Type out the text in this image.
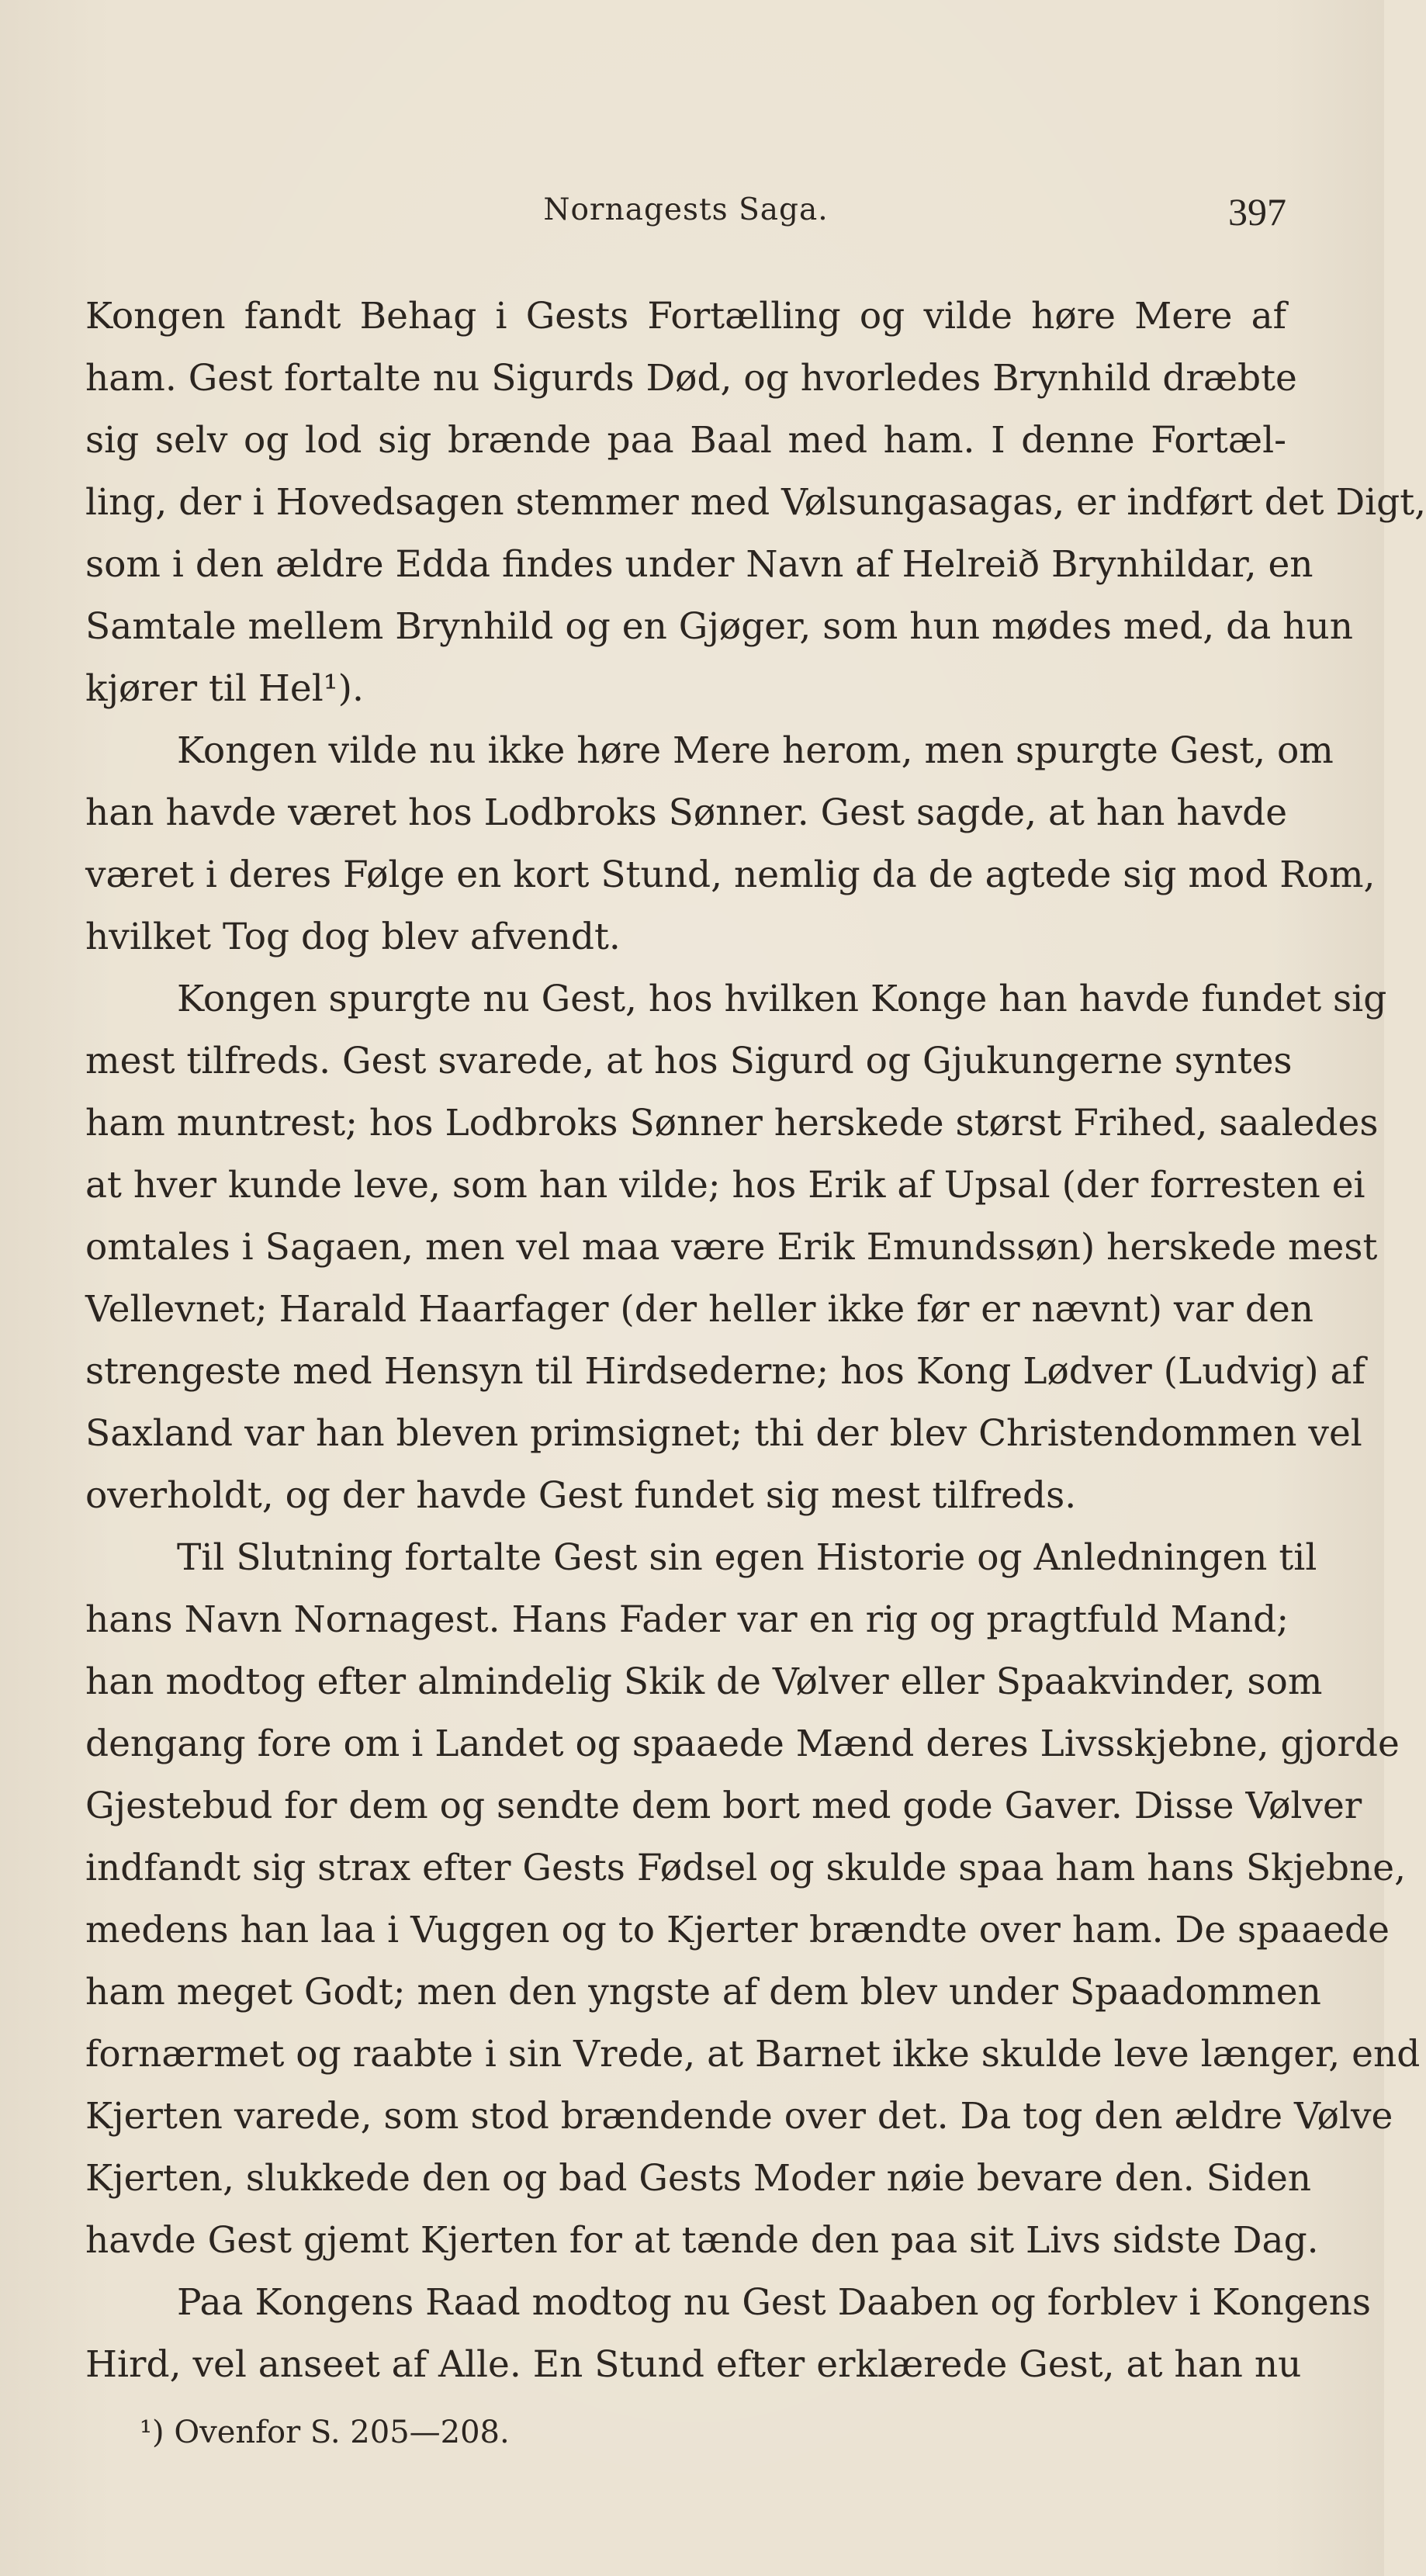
Nornagests Saga.	397
Kongen fandt Behag i Gests Fortælling og vilde høre Mere af
ham. Gest fortalte nu Sigurds Død, og hvorledes Brynhild dræbte
sig selv og lod sig brænde paa Baal med ham. I denne Fortæl-
ling, der i Hovedsagen stemmer med Vølsungasagas, er indført det Digt,
som i den ældre Edda findes under Navn af Helreið Brynhildar, en
Samtale mellem Brynhild og en Gjøger, som hun mødes med, da hun
kjører til Hel¹).
Kongen vilde nu ikke høre Mere herom, men spurgte Gest, om
han havde været hos Lodbroks Sønner. Gest sagde, at han havde
været i deres Følge en kort Stund, nemlig da de agtede sig mod Rom,
hvilket Tog dog blev afvendt.
Kongen spurgte nu Gest, hos hvilken Konge han havde fundet sig
mest tilfreds. Gest svarede, at hos Sigurd og Gjukungerne syntes
ham muntrest; hos Lodbroks Sønner herskede størst Frihed, saaledes
at hver kunde leve, som han vilde; hos Erik af Upsal (der forresten ei
omtales i Sagaen, men vel maa være Erik Emundssøn) herskede mest
Vellevnet; Harald Haarfager (der heller ikke før er nævnt) var den
strengeste med Hensyn til Hirdsederne; hos Kong Lødver (Ludvig) af
Saxland var han bleven primsignet; thi der blev Christendommen vel
overholdt, og der havde Gest fundet sig mest tilfreds.
Til Slutning fortalte Gest sin egen Historie og Anledningen til
hans Navn Nornagest. Hans Fader var en rig og pragtfuld Mand;
han modtog efter almindelig Skik de Vølver eller Spaakvinder, som
dengang fore om i Landet og spaaede Mænd deres Livsskjebne, gjorde
Gjestebud for dem og sendte dem bort med gode Gaver. Disse Vølver
indfandt sig strax efter Gests Fødsel og skulde spaa ham hans Skjebne,
medens han laa i Vuggen og to Kjerter brændte over ham. De spaaede
ham meget Godt; men den yngste af dem blev under Spaadommen
fornærmet og raabte i sin Vrede, at Barnet ikke skulde leve længer, end
Kjerten varede, som stod brændende over det. Da tog den ældre Vølve
Kjerten, slukkede den og bad Gests Moder nøie bevare den. Siden
havde Gest gjemt Kjerten for at tænde den paa sit Livs sidste Dag.
Paa Kongens Raad modtog nu Gest Daaben og forblev i Kongens
Hird, vel anseet af Alle. En Stund efter erklærede Gest, at han nu
¹) Ovenfor S. 205—208.
